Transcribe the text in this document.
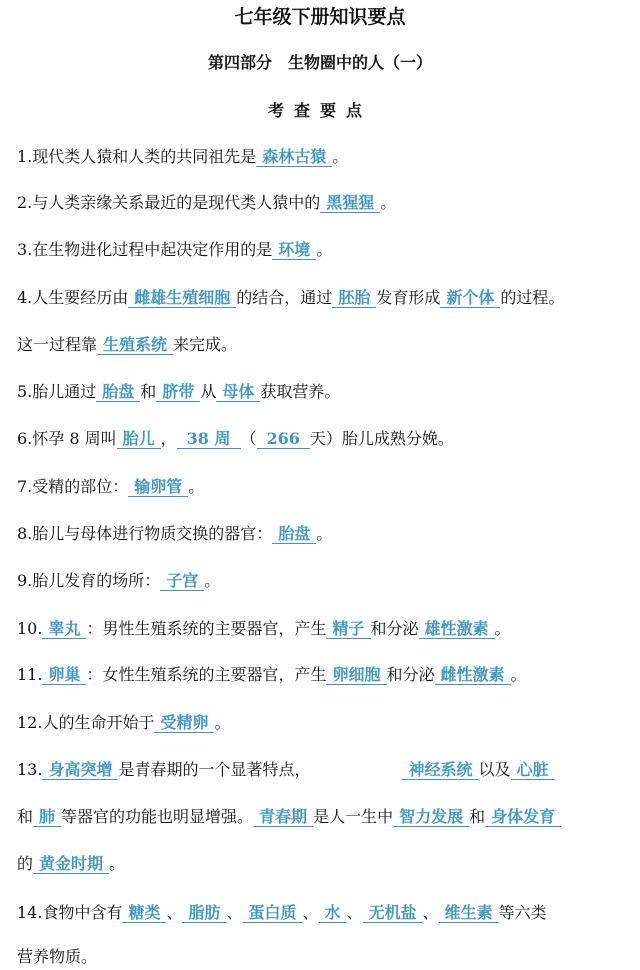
七年级下册知识要点
第四部分　生物圈中的人（一）
考查要点
1.现代类人猿和人类的共同祖先是 森林古猿 。
2.与人类亲缘关系最近的是现代类人猿中的 黑猩猩 。
3.在生物进化过程中起决定作用的是 环境 。
4.人生要经历由 雌雄生殖细胞 的结合，通过 胚胎 发育形成 新个体 的过程。
这一过程靠 生殖系统 来完成。
5.胎儿通过 胎盘 和 脐带 从 母体 获取营养。
6.怀孕 8 周叫 胎儿 ， 38 周 （ 266 天）胎儿成熟分娩。
7.受精的部位： 输卵管 。
8.胎儿与母体进行物质交换的器官： 胎盘 。
9.胎儿发育的场所： 子宫 。
10. 睾丸 ：男性生殖系统的主要器官，产生 精子 和分泌 雄性激素 。
11. 卵巢 ：女性生殖系统的主要器官，产生 卵细胞 和分泌 雌性激素 。
12.人的生命开始于 受精卵 。
13. 身高突增 是青春期的一个显著特点，	神经系统 以及 心脏
和 肺 等器官的功能也明显增强。 青春期 是人一生中 智力发展 和 身体发育
的 黄金时期 。
14.食物中含有 糖类 、 脂肪 、 蛋白质 、 水 、 无机盐 、 维生素 等六类
营养物质。
